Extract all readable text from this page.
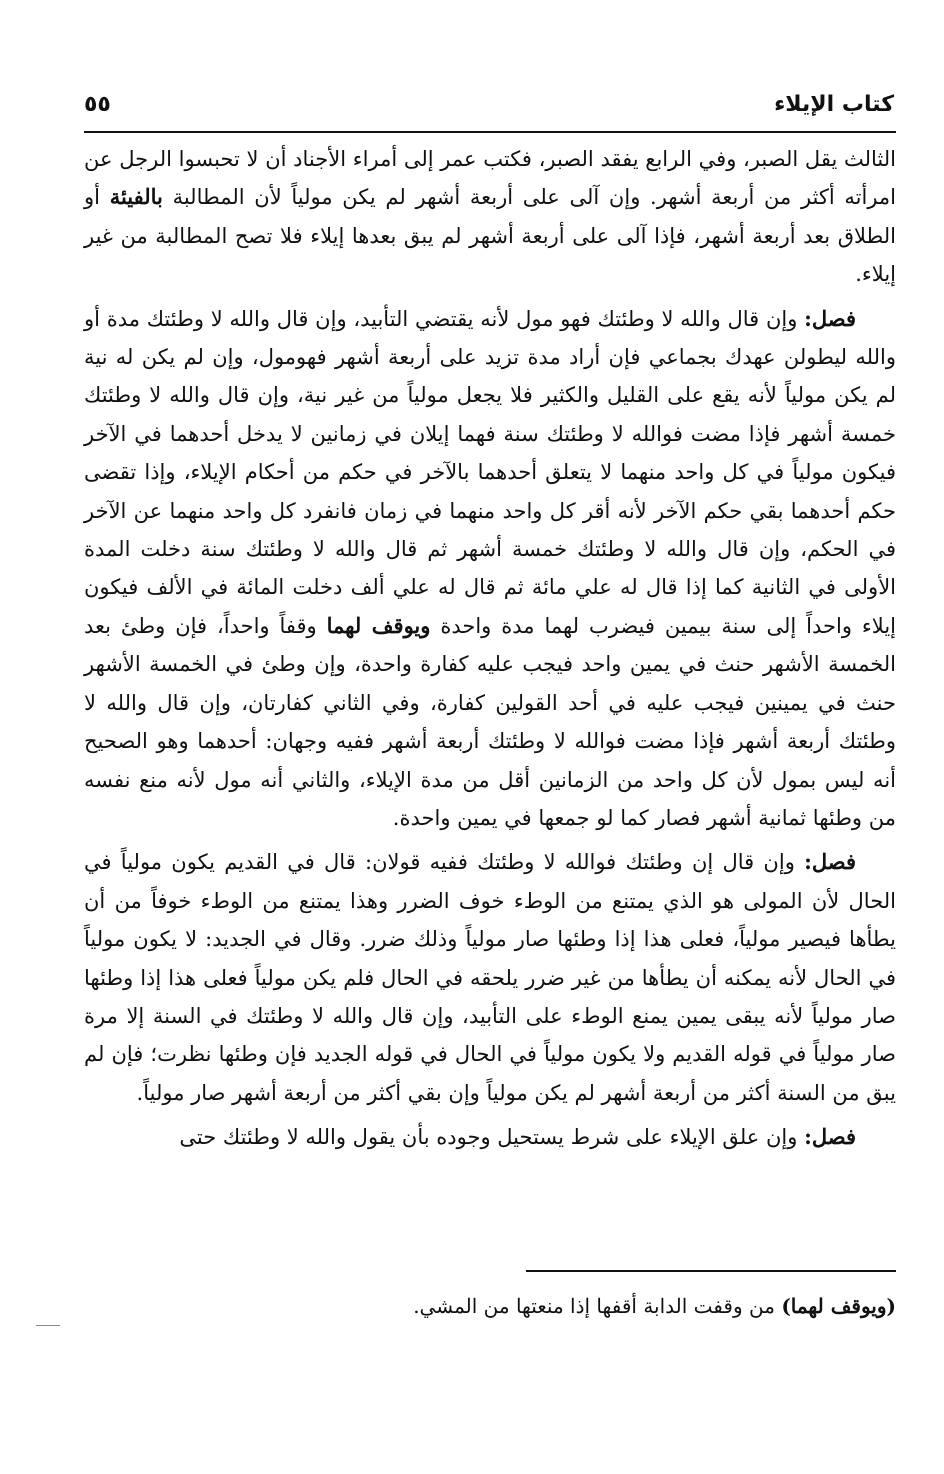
كتاب الإيلاء
٥٥

الثالث يقل الصبر، وفي الرابع يفقد الصبر، فكتب عمر إلى أمراء الأجناد أن لا تحبسوا الرجل عن امرأته أكثر من أربعة أشهر. وإن آلى على أربعة أشهر لم يكن مولياً لأن المطالبة بالفيئة أو الطلاق بعد أربعة أشهر، فإذا آلى على أربعة أشهر لم يبق بعدها إيلاء فلا تصح المطالبة من غير إيلاء.

فصل: وإن قال والله لا وطئتك فهو مول لأنه يقتضي التأبيد، وإن قال والله لا وطئتك مدة أو والله ليطولن عهدك بجماعي فإن أراد مدة تزيد على أربعة أشهر فهومول، وإن لم يكن له نية لم يكن مولياً لأنه يقع على القليل والكثير فلا يجعل مولياً من غير نية، وإن قال والله لا وطئتك خمسة أشهر فإذا مضت فوالله لا وطئتك سنة فهما إيلان في زمانين لا يدخل أحدهما في الآخر فيكون مولياً في كل واحد منهما لا يتعلق أحدهما بالآخر في حكم من أحكام الإيلاء، وإذا تقضى حكم أحدهما بقي حكم الآخر لأنه أقر كل واحد منهما في زمان فانفرد كل واحد منهما عن الآخر في الحكم، وإن قال والله لا وطئتك خمسة أشهر ثم قال والله لا وطئتك سنة دخلت المدة الأولى في الثانية كما إذا قال له علي مائة ثم قال له علي ألف دخلت المائة في الألف فيكون إيلاء واحداً إلى سنة بيمين فيضرب لهما مدة واحدة ويوقف لهما وقفاً واحداً، فإن وطئ بعد الخمسة الأشهر حنث في يمين واحد فيجب عليه كفارة واحدة، وإن وطئ في الخمسة الأشهر حنث في يمينين فيجب عليه في أحد القولين كفارة، وفي الثاني كفارتان، وإن قال والله لا وطئتك أربعة أشهر فإذا مضت فوالله لا وطئتك أربعة أشهر ففيه وجهان: أحدهما وهو الصحيح أنه ليس بمول لأن كل واحد من الزمانين أقل من مدة الإيلاء، والثاني أنه مول لأنه منع نفسه من وطئها ثمانية أشهر فصار كما لو جمعها في يمين واحدة.

فصل: وإن قال إن وطئتك فوالله لا وطئتك ففيه قولان: قال في القديم يكون مولياً في الحال لأن المولى هو الذي يمتنع من الوطء خوف الضرر وهذا يمتنع من الوطء خوفاً من أن يطأها فيصير مولياً، فعلى هذا إذا وطئها صار مولياً وذلك ضرر. وقال في الجديد: لا يكون مولياً في الحال لأنه يمكنه أن يطأها من غير ضرر يلحقه في الحال فلم يكن مولياً فعلى هذا إذا وطئها صار مولياً لأنه يبقى يمين يمنع الوطء على التأبيد، وإن قال والله لا وطئتك في السنة إلا مرة صار مولياً في قوله القديم ولا يكون مولياً في الحال في قوله الجديد فإن وطئها نظرت؛ فإن لم يبق من السنة أكثر من أربعة أشهر لم يكن مولياً وإن بقي أكثر من أربعة أشهر صار مولياً.

فصل: وإن علق الإيلاء على شرط يستحيل وجوده بأن يقول والله لا وطئتك حتى

(ويوقف لهما) من وقفت الدابة أقفها إذا منعتها من المشي.
